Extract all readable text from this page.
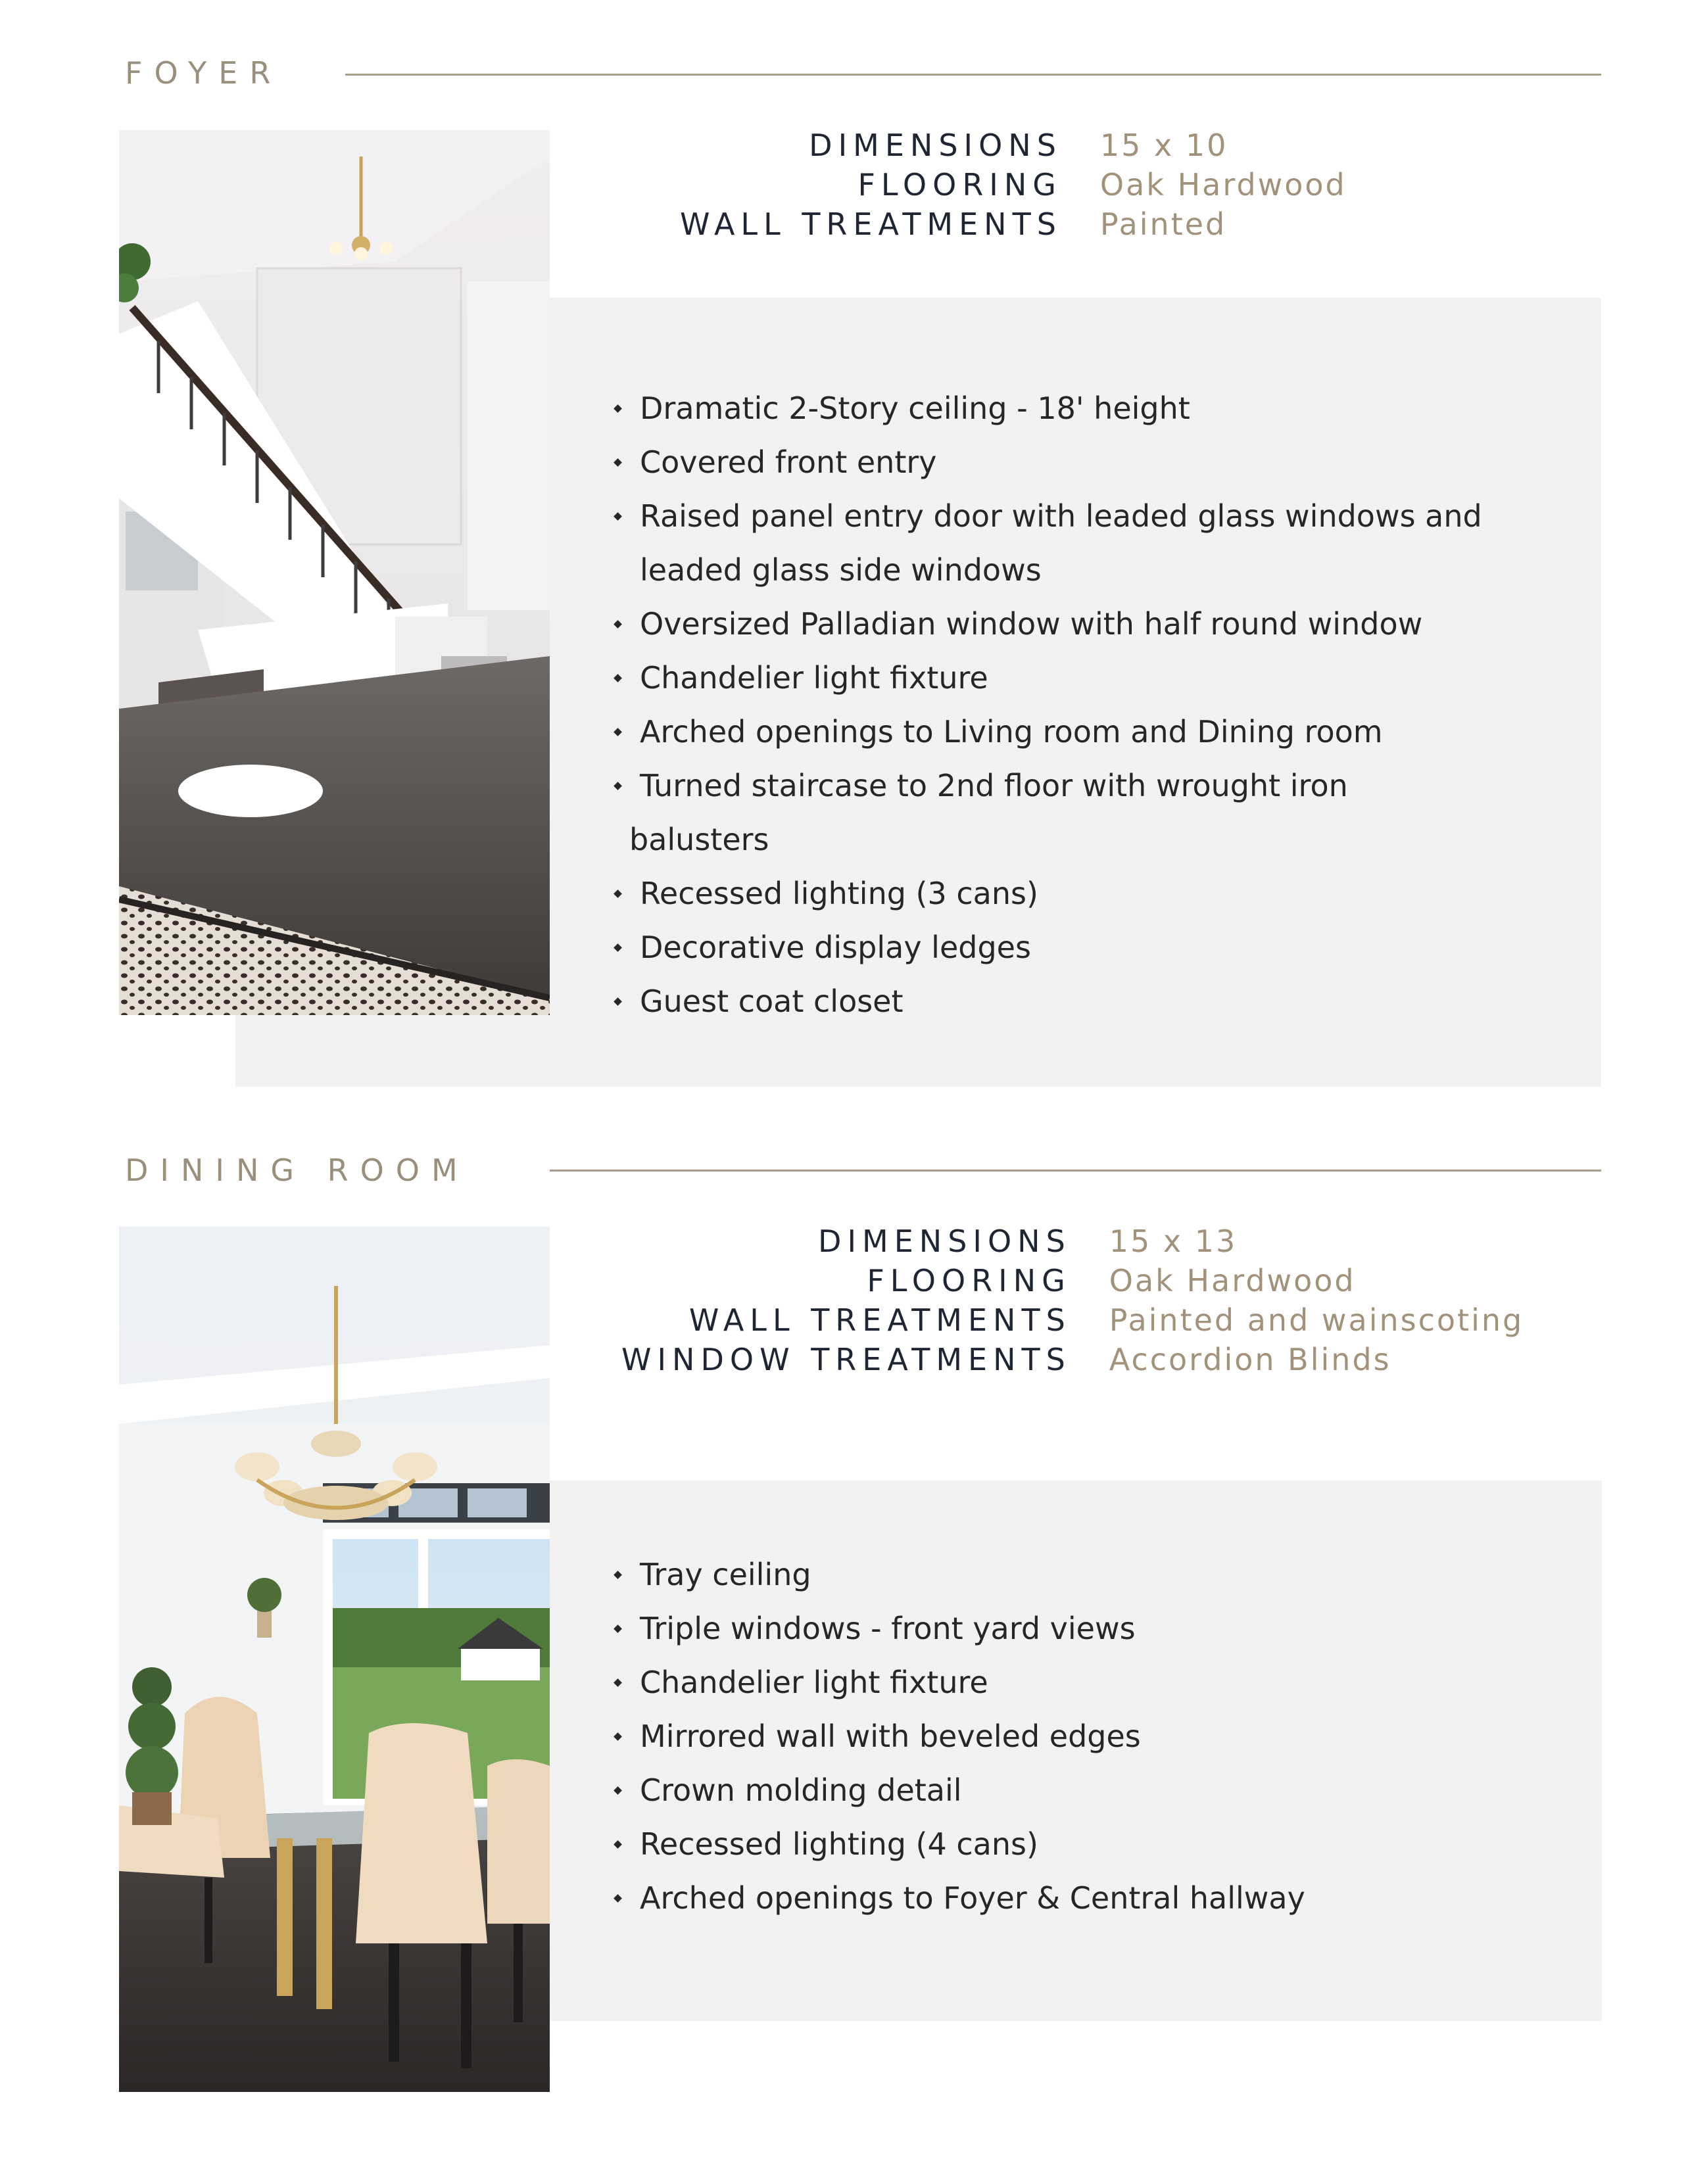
FOYER
DIMENSIONS 15 x 10
FLOORING Oak Hardwood
WALL TREATMENTS Painted
Dramatic 2-Story ceiling - 18' height
Covered front entry
Raised panel entry door with leaded glass windows and
leaded glass side windows
Oversized Palladian window with half round window
Chandelier light fixture
Arched openings to Living room and Dining room
Turned staircase to 2nd floor with wrought iron
balusters
Recessed lighting (3 cans)
Decorative display ledges
Guest coat closet
DINING ROOM
DIMENSIONS 15 x 13
FLOORING Oak Hardwood
WALL TREATMENTS Painted and wainscoting
WINDOW TREATMENTS Accordion Blinds
Tray ceiling
Triple windows - front yard views
Chandelier light fixture
Mirrored wall with beveled edges
Crown molding detail
Recessed lighting (4 cans)
Arched openings to Foyer & Central hallway
